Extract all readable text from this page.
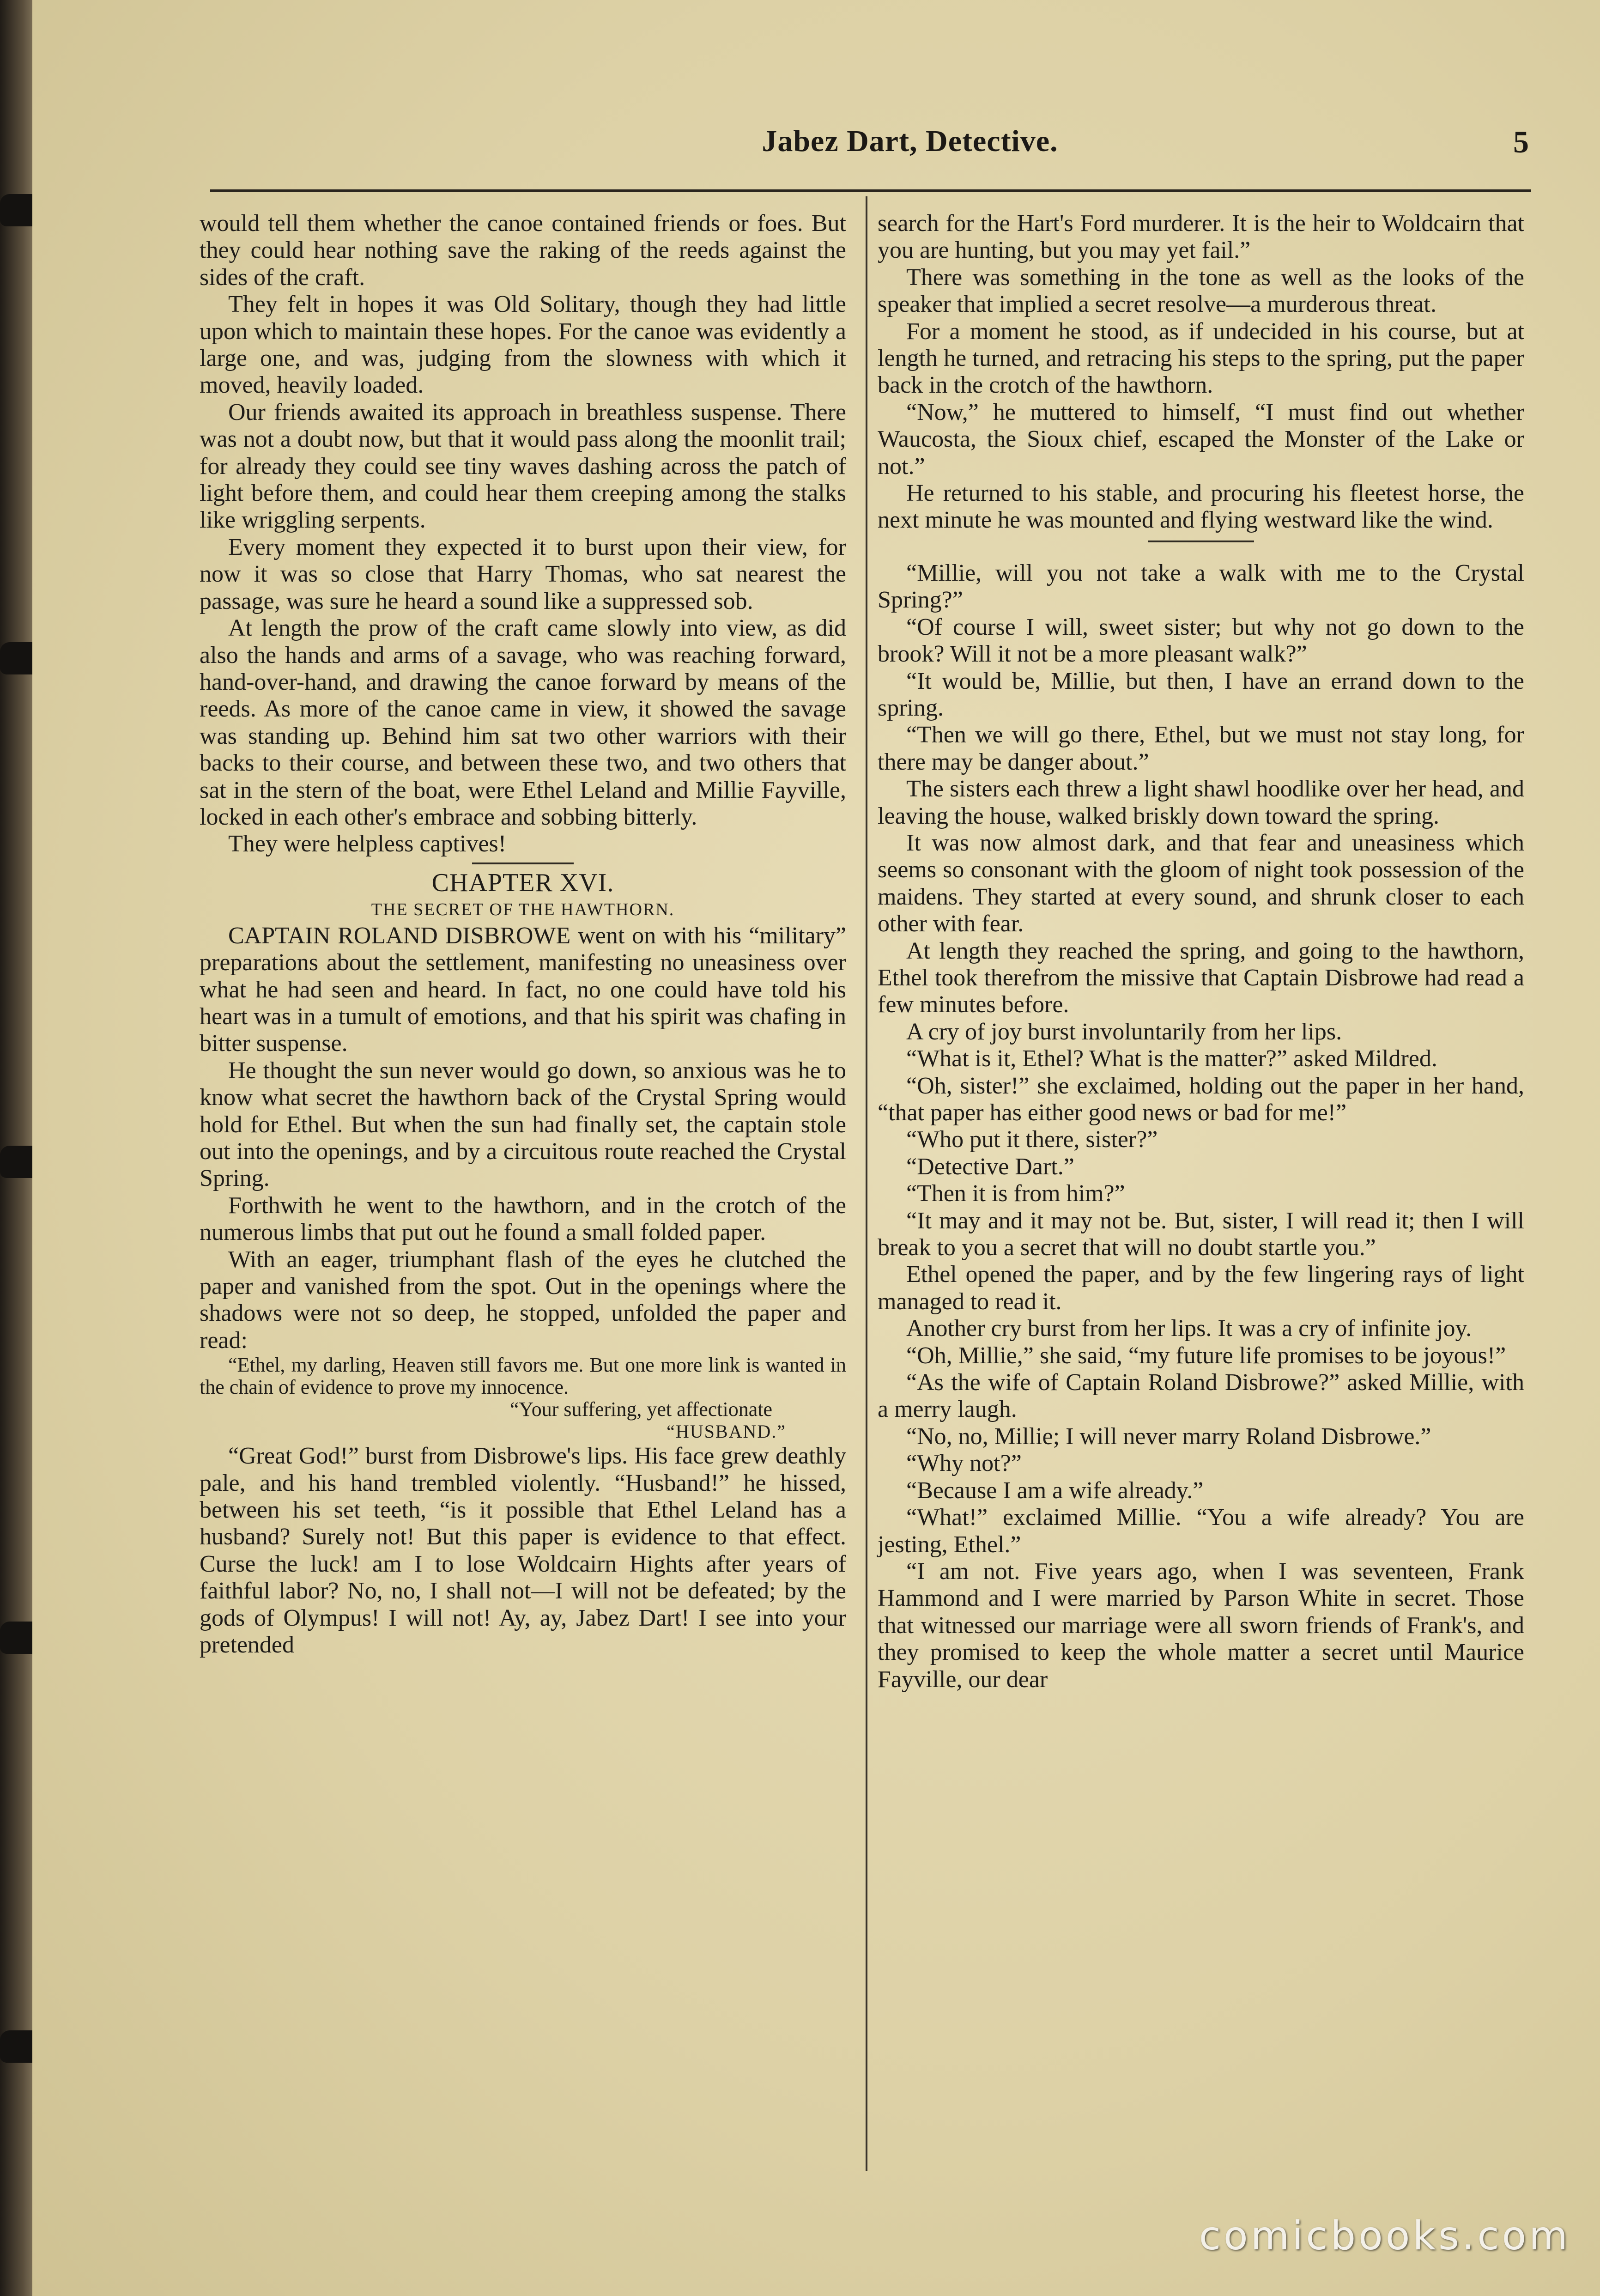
Jabez Dart, Detective.	5

would tell them whether the canoe contained friends or foes. But they could hear nothing save the raking of the reeds against the sides of the craft.

They felt in hopes it was Old Solitary, though they had little upon which to maintain these hopes. For the canoe was evidently a large one, and was, judging from the slowness with which it moved, heavily loaded.

Our friends awaited its approach in breathless suspense. There was not a doubt now, but that it would pass along the moonlit trail; for already they could see tiny waves dashing across the patch of light before them, and could hear them creeping among the stalks like wriggling serpents.

Every moment they expected it to burst upon their view, for now it was so close that Harry Thomas, who sat nearest the passage, was sure he heard a sound like a suppressed sob.

At length the prow of the craft came slowly into view, as did also the hands and arms of a savage, who was reaching forward, hand-over-hand, and drawing the canoe forward by means of the reeds. As more of the canoe came in view, it showed the savage was standing up. Behind him sat two other warriors with their backs to their course, and between these two, and two others that sat in the stern of the boat, were Ethel Leland and Millie Fayville, locked in each other's embrace and sobbing bitterly.

They were helpless captives!

CHAPTER XVI.
THE SECRET OF THE HAWTHORN.

CAPTAIN ROLAND DISBROWE went on with his “military” preparations about the settlement, manifesting no uneasiness over what he had seen and heard. In fact, no one could have told his heart was in a tumult of emotions, and that his spirit was chafing in bitter suspense.

He thought the sun never would go down, so anxious was he to know what secret the hawthorn back of the Crystal Spring would hold for Ethel. But when the sun had finally set, the captain stole out into the openings, and by a circuitous route reached the Crystal Spring.

Forthwith he went to the hawthorn, and in the crotch of the numerous limbs that put out he found a small folded paper.

With an eager, triumphant flash of the eyes he clutched the paper and vanished from the spot. Out in the openings where the shadows were not so deep, he stopped, unfolded the paper and read:

“Ethel, my darling, Heaven still favors me. But one more link is wanted in the chain of evidence to prove my innocence.

“Your suffering, yet affectionate
“HUSBAND.”

“Great God!” burst from Disbrowe's lips. His face grew deathly pale, and his hand trembled violently. “Husband!” he hissed, between his set teeth, “is it possible that Ethel Leland has a husband? Surely not! But this paper is evidence to that effect. Curse the luck! am I to lose Woldcairn Hights after years of faithful labor? No, no, I shall not—I will not be defeated; by the gods of Olympus! I will not! Ay, ay, Jabez Dart! I see into your pretended

search for the Hart's Ford murderer. It is the heir to Woldcairn that you are hunting, but you may yet fail.”

There was something in the tone as well as the looks of the speaker that implied a secret resolve—a murderous threat.

For a moment he stood, as if undecided in his course, but at length he turned, and retracing his steps to the spring, put the paper back in the crotch of the hawthorn.

“Now,” he muttered to himself, “I must find out whether Waucosta, the Sioux chief, escaped the Monster of the Lake or not.”

He returned to his stable, and procuring his fleetest horse, the next minute he was mounted and flying westward like the wind.

“Millie, will you not take a walk with me to the Crystal Spring?”

“Of course I will, sweet sister; but why not go down to the brook? Will it not be a more pleasant walk?”

“It would be, Millie, but then, I have an errand down to the spring.

“Then we will go there, Ethel, but we must not stay long, for there may be danger about.”

The sisters each threw a light shawl hoodlike over her head, and leaving the house, walked briskly down toward the spring.

It was now almost dark, and that fear and uneasiness which seems so consonant with the gloom of night took possession of the maidens. They started at every sound, and shrunk closer to each other with fear.

At length they reached the spring, and going to the hawthorn, Ethel took therefrom the missive that Captain Disbrowe had read a few minutes before.

A cry of joy burst involuntarily from her lips.

“What is it, Ethel? What is the matter?” asked Mildred.

“Oh, sister!” she exclaimed, holding out the paper in her hand, “that paper has either good news or bad for me!”

“Who put it there, sister?”

“Detective Dart.”

“Then it is from him?”

“It may and it may not be. But, sister, I will read it; then I will break to you a secret that will no doubt startle you.”

Ethel opened the paper, and by the few lingering rays of light managed to read it.

Another cry burst from her lips. It was a cry of infinite joy.

“Oh, Millie,” she said, “my future life promises to be joyous!”

“As the wife of Captain Roland Disbrowe?” asked Millie, with a merry laugh.

“No, no, Millie; I will never marry Roland Disbrowe.”

“Why not?”

“Because I am a wife already.”

“What!” exclaimed Millie. “You a wife already? You are jesting, Ethel.”

“I am not. Five years ago, when I was seventeen, Frank Hammond and I were married by Parson White in secret. Those that witnessed our marriage were all sworn friends of Frank's, and they promised to keep the whole matter a secret until Maurice Fayville, our dear

comicbooks.com
